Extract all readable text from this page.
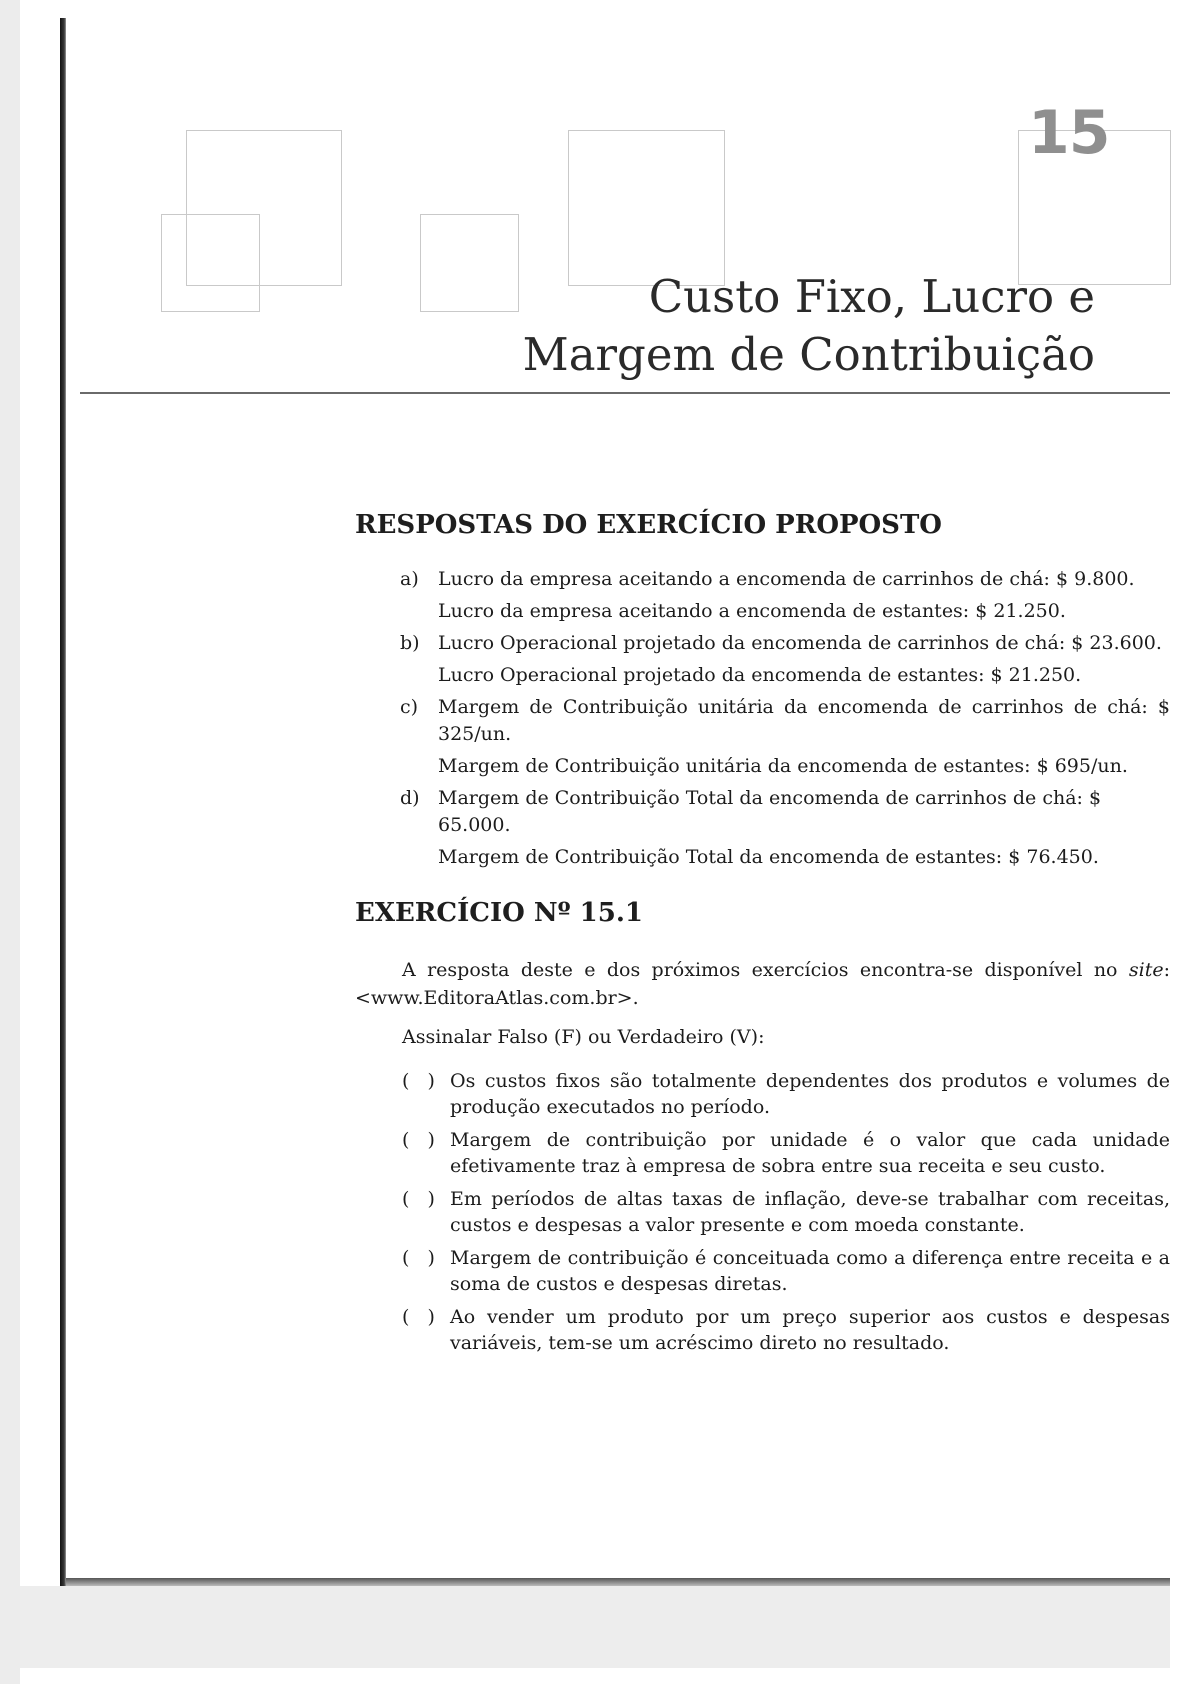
15
Custo Fixo, Lucro e
Margem de Contribuição
RESPOSTAS DO EXERCÍCIO PROPOSTO
a) Lucro da empresa aceitando a encomenda de carrinhos de chá: $ 9.800.
Lucro da empresa aceitando a encomenda de estantes: $ 21.250.
b) Lucro Operacional projetado da encomenda de carrinhos de chá: $ 23.600.
Lucro Operacional projetado da encomenda de estantes: $ 21.250.
c) Margem de Contribuição unitária da encomenda de carrinhos de chá: $ 325/un.
Margem de Contribuição unitária da encomenda de estantes: $ 695/un.
d) Margem de Contribuição Total da encomenda de carrinhos de chá: $ 65.000.
Margem de Contribuição Total da encomenda de estantes: $ 76.450.
EXERCÍCIO Nº 15.1

A resposta deste e dos próximos exercícios encontra-se disponível no site: <www.EditoraAtlas.com.br>.

Assinalar Falso (F) ou Verdadeiro (V):

( ) Os custos fixos são totalmente dependentes dos produtos e volumes de produção executados no período.
( ) Margem de contribuição por unidade é o valor que cada unidade efetivamente traz à empresa de sobra entre sua receita e seu custo.
( ) Em períodos de altas taxas de inflação, deve-se trabalhar com receitas, custos e despesas a valor presente e com moeda constante.
( ) Margem de contribuição é conceituada como a diferença entre receita e a soma de custos e despesas diretas.
( ) Ao vender um produto por um preço superior aos custos e despesas variáveis, tem-se um acréscimo direto no resultado.
